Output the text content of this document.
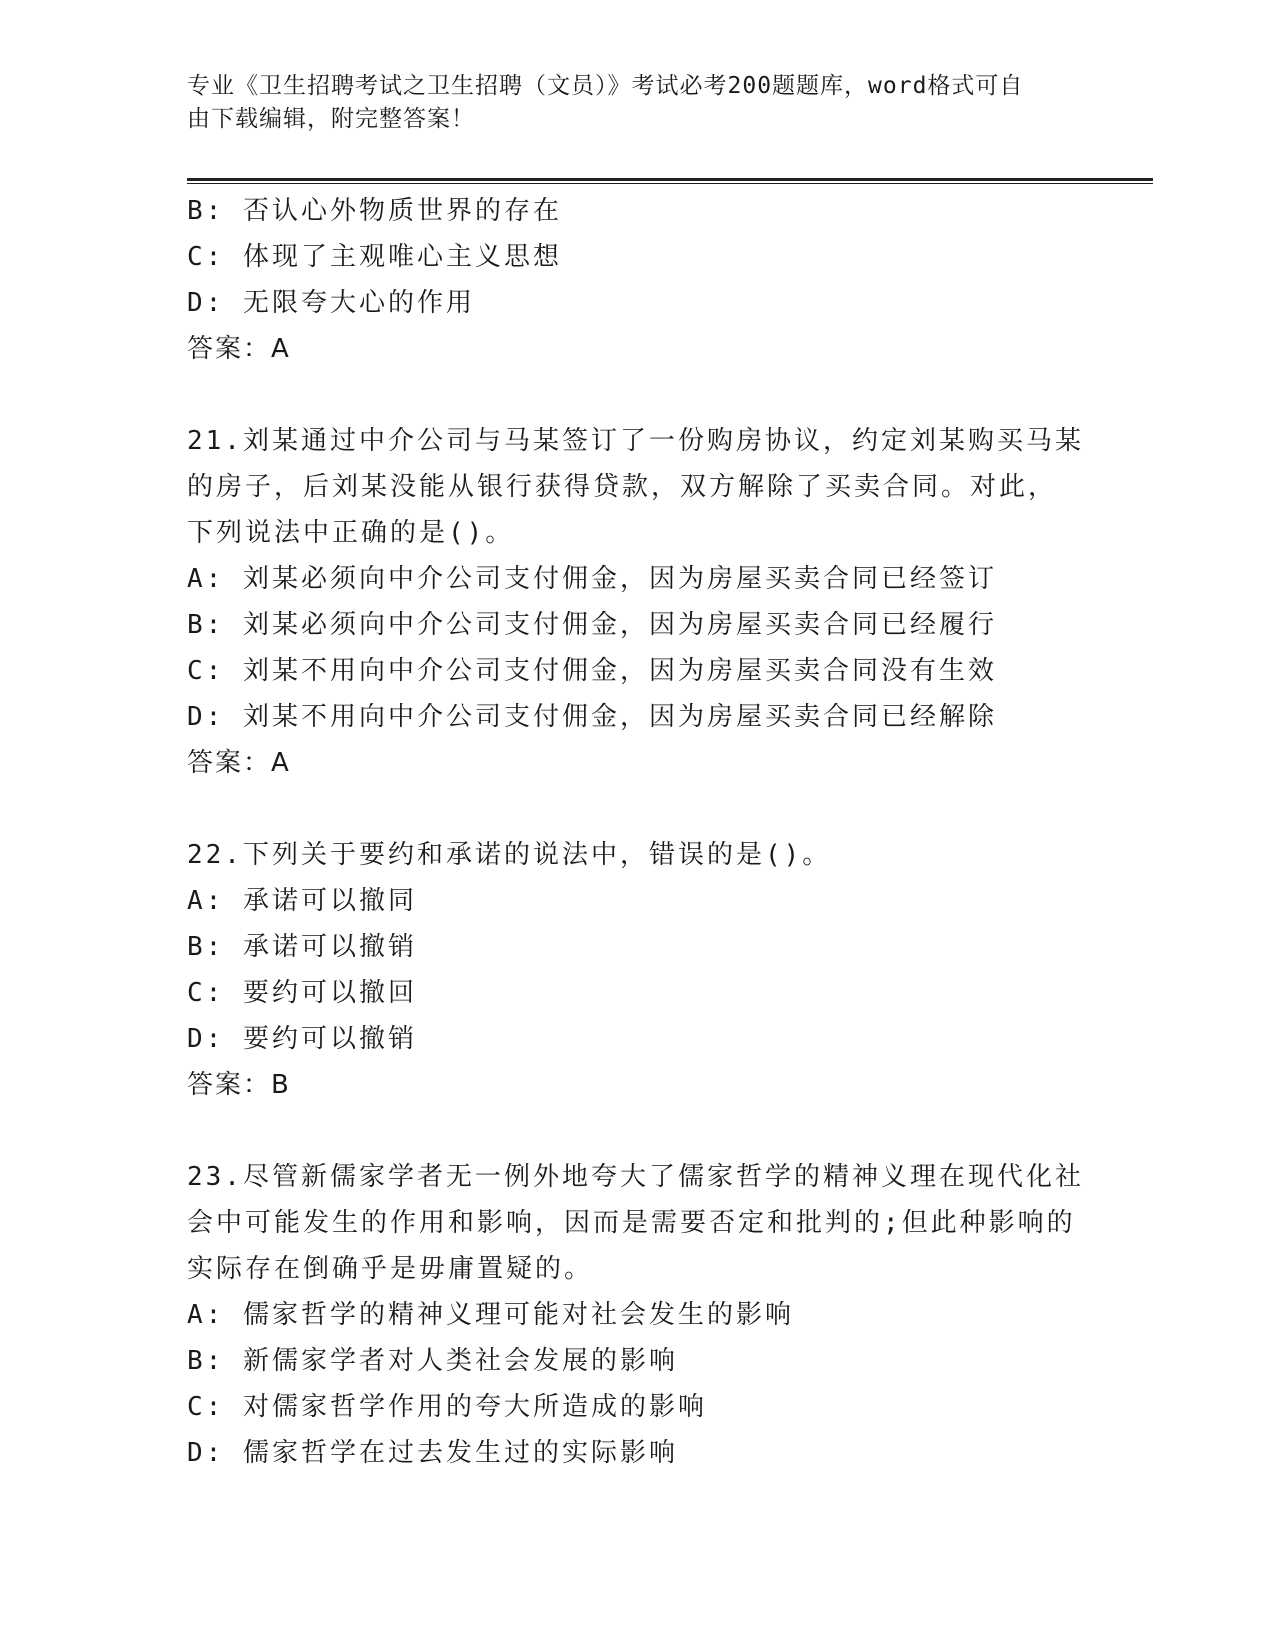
专业《卫生招聘考试之卫生招聘（文员）》考试必考200题题库，word格式可自
由下载编辑，附完整答案！
B: 否认心外物质世界的存在
C: 体现了主观唯心主义思想
D: 无限夸大心的作用
答案：A
21.刘某通过中介公司与马某签订了一份购房协议，约定刘某购买马某
的房子，后刘某没能从银行获得贷款，双方解除了买卖合同。对此，
下列说法中正确的是()。
A: 刘某必须向中介公司支付佣金，因为房屋买卖合同已经签订
B: 刘某必须向中介公司支付佣金，因为房屋买卖合同已经履行
C: 刘某不用向中介公司支付佣金，因为房屋买卖合同没有生效
D: 刘某不用向中介公司支付佣金，因为房屋买卖合同已经解除
答案：A
22.下列关于要约和承诺的说法中，错误的是()。
A: 承诺可以撤同
B: 承诺可以撤销
C: 要约可以撤回
D: 要约可以撤销
答案：B
23.尽管新儒家学者无一例外地夸大了儒家哲学的精神义理在现代化社
会中可能发生的作用和影响，因而是需要否定和批判的;但此种影响的
实际存在倒确乎是毋庸置疑的。
A: 儒家哲学的精神义理可能对社会发生的影响
B: 新儒家学者对人类社会发展的影响
C: 对儒家哲学作用的夸大所造成的影响
D: 儒家哲学在过去发生过的实际影响
